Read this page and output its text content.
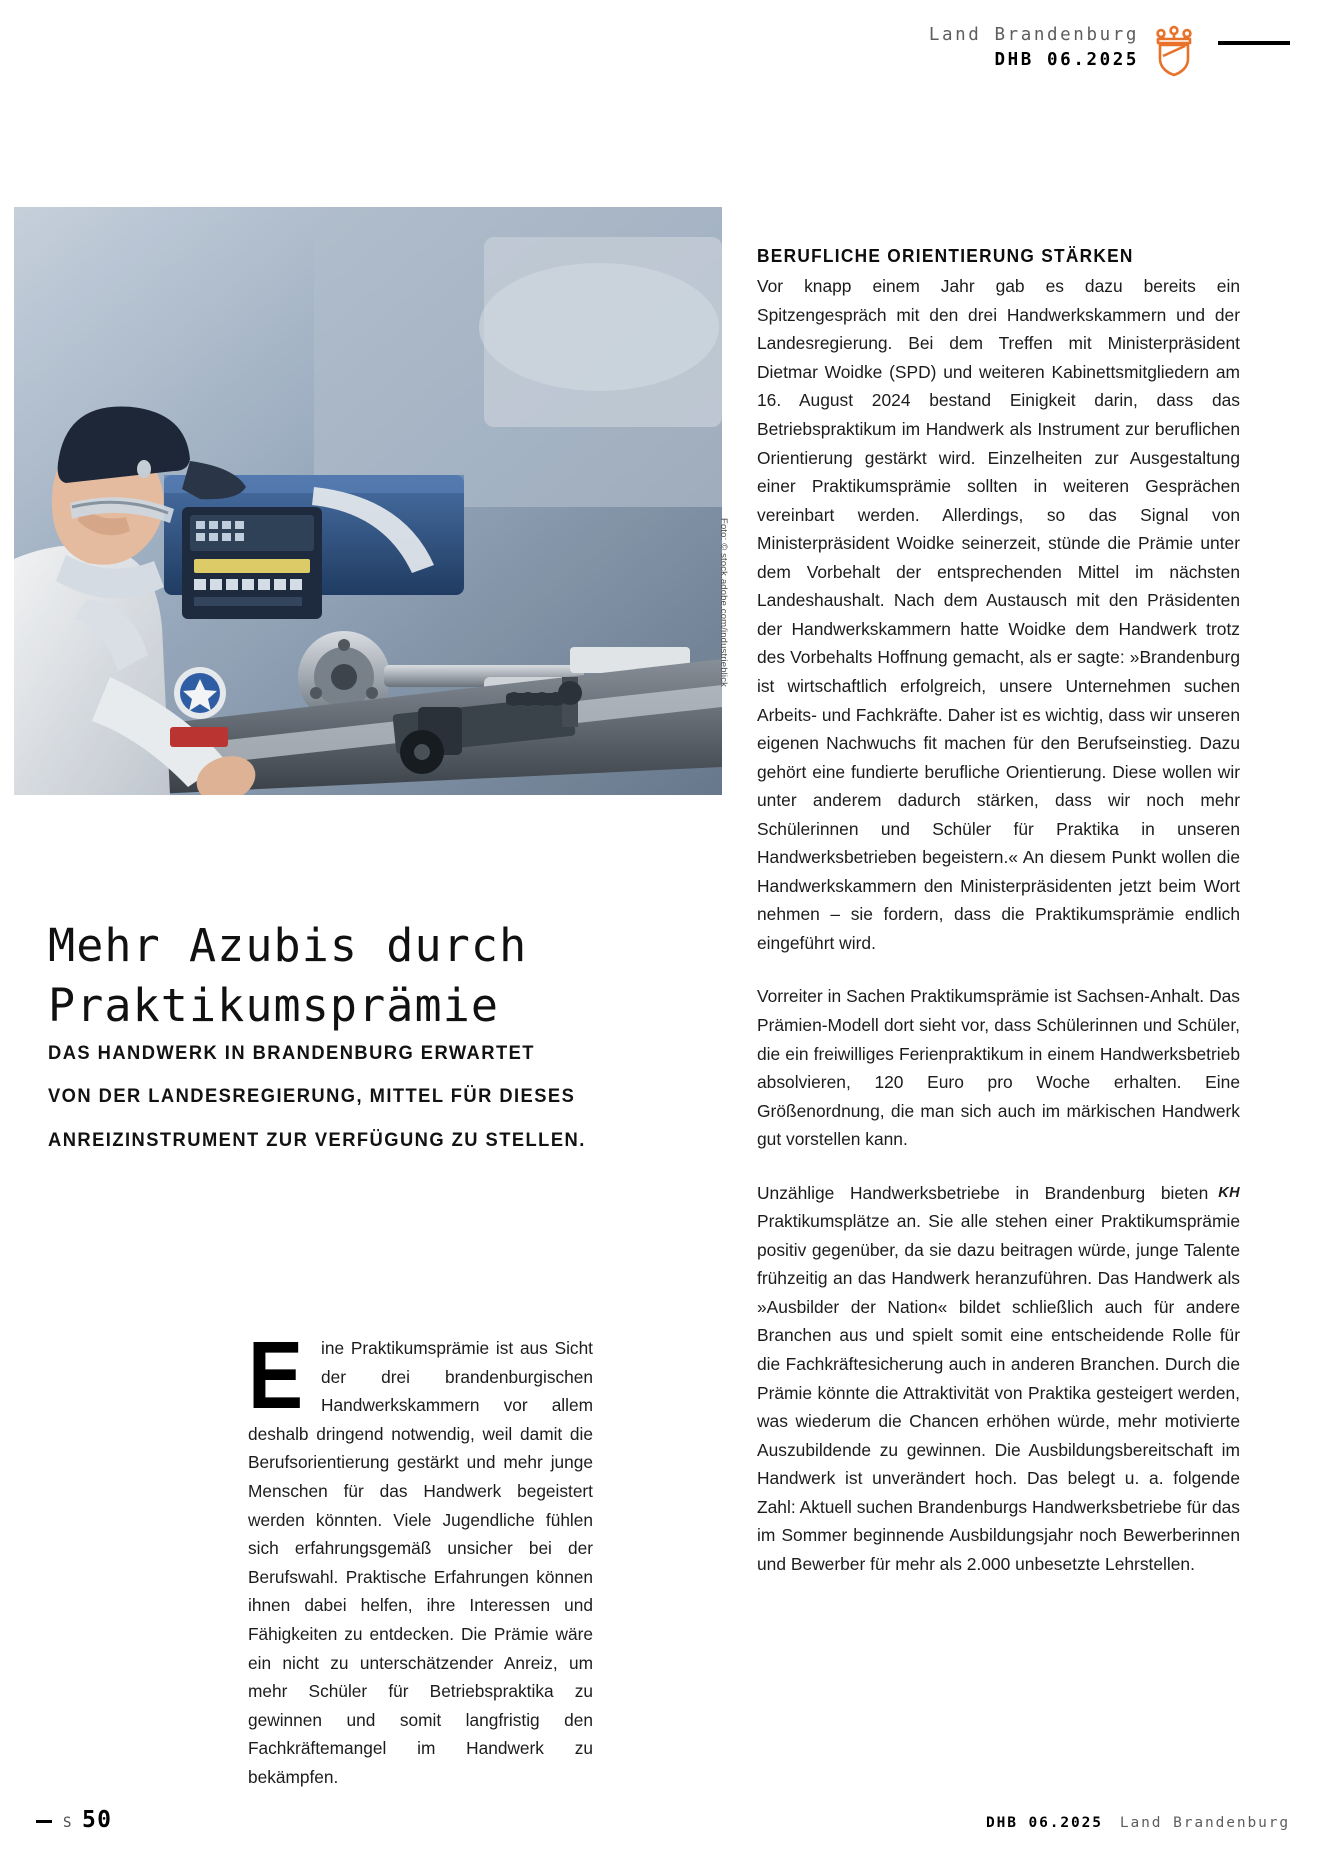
Land Brandenburg
DHB 06.2025
Foto: © stock.adobe.com/industrieblick
Mehr Azubis durch
Praktikumsprämie
DAS HANDWERK IN BRANDENBURG ERWARTET
VON DER LANDESREGIERUNG, MITTEL FÜR DIESES
ANREIZINSTRUMENT ZUR VERFÜGUNG ZU STELLEN.

E ine Praktikumsprämie ist aus Sicht der drei brandenburgischen Handwerkskammern vor allem deshalb dringend notwendig, weil damit die Berufsorientierung gestärkt und mehr junge Menschen für das Handwerk begeistert werden könnten. Viele Jugendliche fühlen sich erfahrungsgemäß unsicher bei der Berufswahl. Praktische Erfahrungen können ihnen dabei helfen, ihre Interessen und Fähigkeiten zu entdecken. Die Prämie wäre ein nicht zu unterschätzender Anreiz, um mehr Schüler für Betriebspraktika zu gewinnen und somit langfristig den Fachkräftemangel im Handwerk zu bekämpfen.

BERUFLICHE ORIENTIERUNG STÄRKEN

Vor knapp einem Jahr gab es dazu bereits ein Spitzengespräch mit den drei Handwerkskammern und der Landesregierung. Bei dem Treffen mit Ministerpräsident Dietmar Woidke (SPD) und weiteren Kabinettsmitgliedern am 16. August 2024 bestand Einigkeit darin, dass das Betriebspraktikum im Handwerk als Instrument zur beruflichen Orientierung gestärkt wird. Einzelheiten zur Ausgestaltung einer Praktikumsprämie sollten in weiteren Gesprächen vereinbart werden. Allerdings, so das Signal von Ministerpräsident Woidke seinerzeit, stünde die Prämie unter dem Vorbehalt der entsprechenden Mittel im nächsten Landeshaushalt. Nach dem Austausch mit den Präsidenten der Handwerkskammern hatte Woidke dem Handwerk trotz des Vorbehalts Hoffnung gemacht, als er sagte: »Brandenburg ist wirtschaftlich erfolgreich, unsere Unternehmen suchen Arbeits- und Fachkräfte. Daher ist es wichtig, dass wir unseren eigenen Nachwuchs fit machen für den Berufseinstieg. Dazu gehört eine fundierte berufliche Orientierung. Diese wollen wir unter anderem dadurch stärken, dass wir noch mehr Schülerinnen und Schüler für Praktika in unseren Handwerksbetrieben begeistern.« An diesem Punkt wollen die Handwerkskammern den Ministerpräsidenten jetzt beim Wort nehmen – sie fordern, dass die Praktikumsprämie endlich eingeführt wird.

Vorreiter in Sachen Praktikumsprämie ist Sachsen-Anhalt. Das Prämien-Modell dort sieht vor, dass Schülerinnen und Schüler, die ein freiwilliges Ferienpraktikum in einem Handwerksbetrieb absolvieren, 120 Euro pro Woche erhalten. Eine Größenordnung, die man sich auch im märkischen Handwerk gut vorstellen kann.

KH
Unzählige Handwerksbetriebe in Brandenburg bieten Praktikumsplätze an. Sie alle stehen einer Praktikumsprämie positiv gegenüber, da sie dazu beitragen würde, junge Talente frühzeitig an das Handwerk heranzuführen. Das Handwerk als »Ausbilder der Nation« bildet schließlich auch für andere Branchen aus und spielt somit eine entscheidende Rolle für die Fachkräftesicherung auch in anderen Branchen. Durch die Prämie könnte die Attraktivität von Praktika gesteigert werden, was wiederum die Chancen erhöhen würde, mehr motivierte Auszubildende zu gewinnen. Die Ausbildungsbereitschaft im Handwerk ist unverändert hoch. Das belegt u. a. folgende Zahl: Aktuell suchen Brandenburgs Handwerksbetriebe für das im Sommer beginnende Ausbildungsjahr noch Bewerberinnen und Bewerber für mehr als 2.000 unbesetzte Lehrstellen.

S 50	DHB 06.2025 Land Brandenburg
